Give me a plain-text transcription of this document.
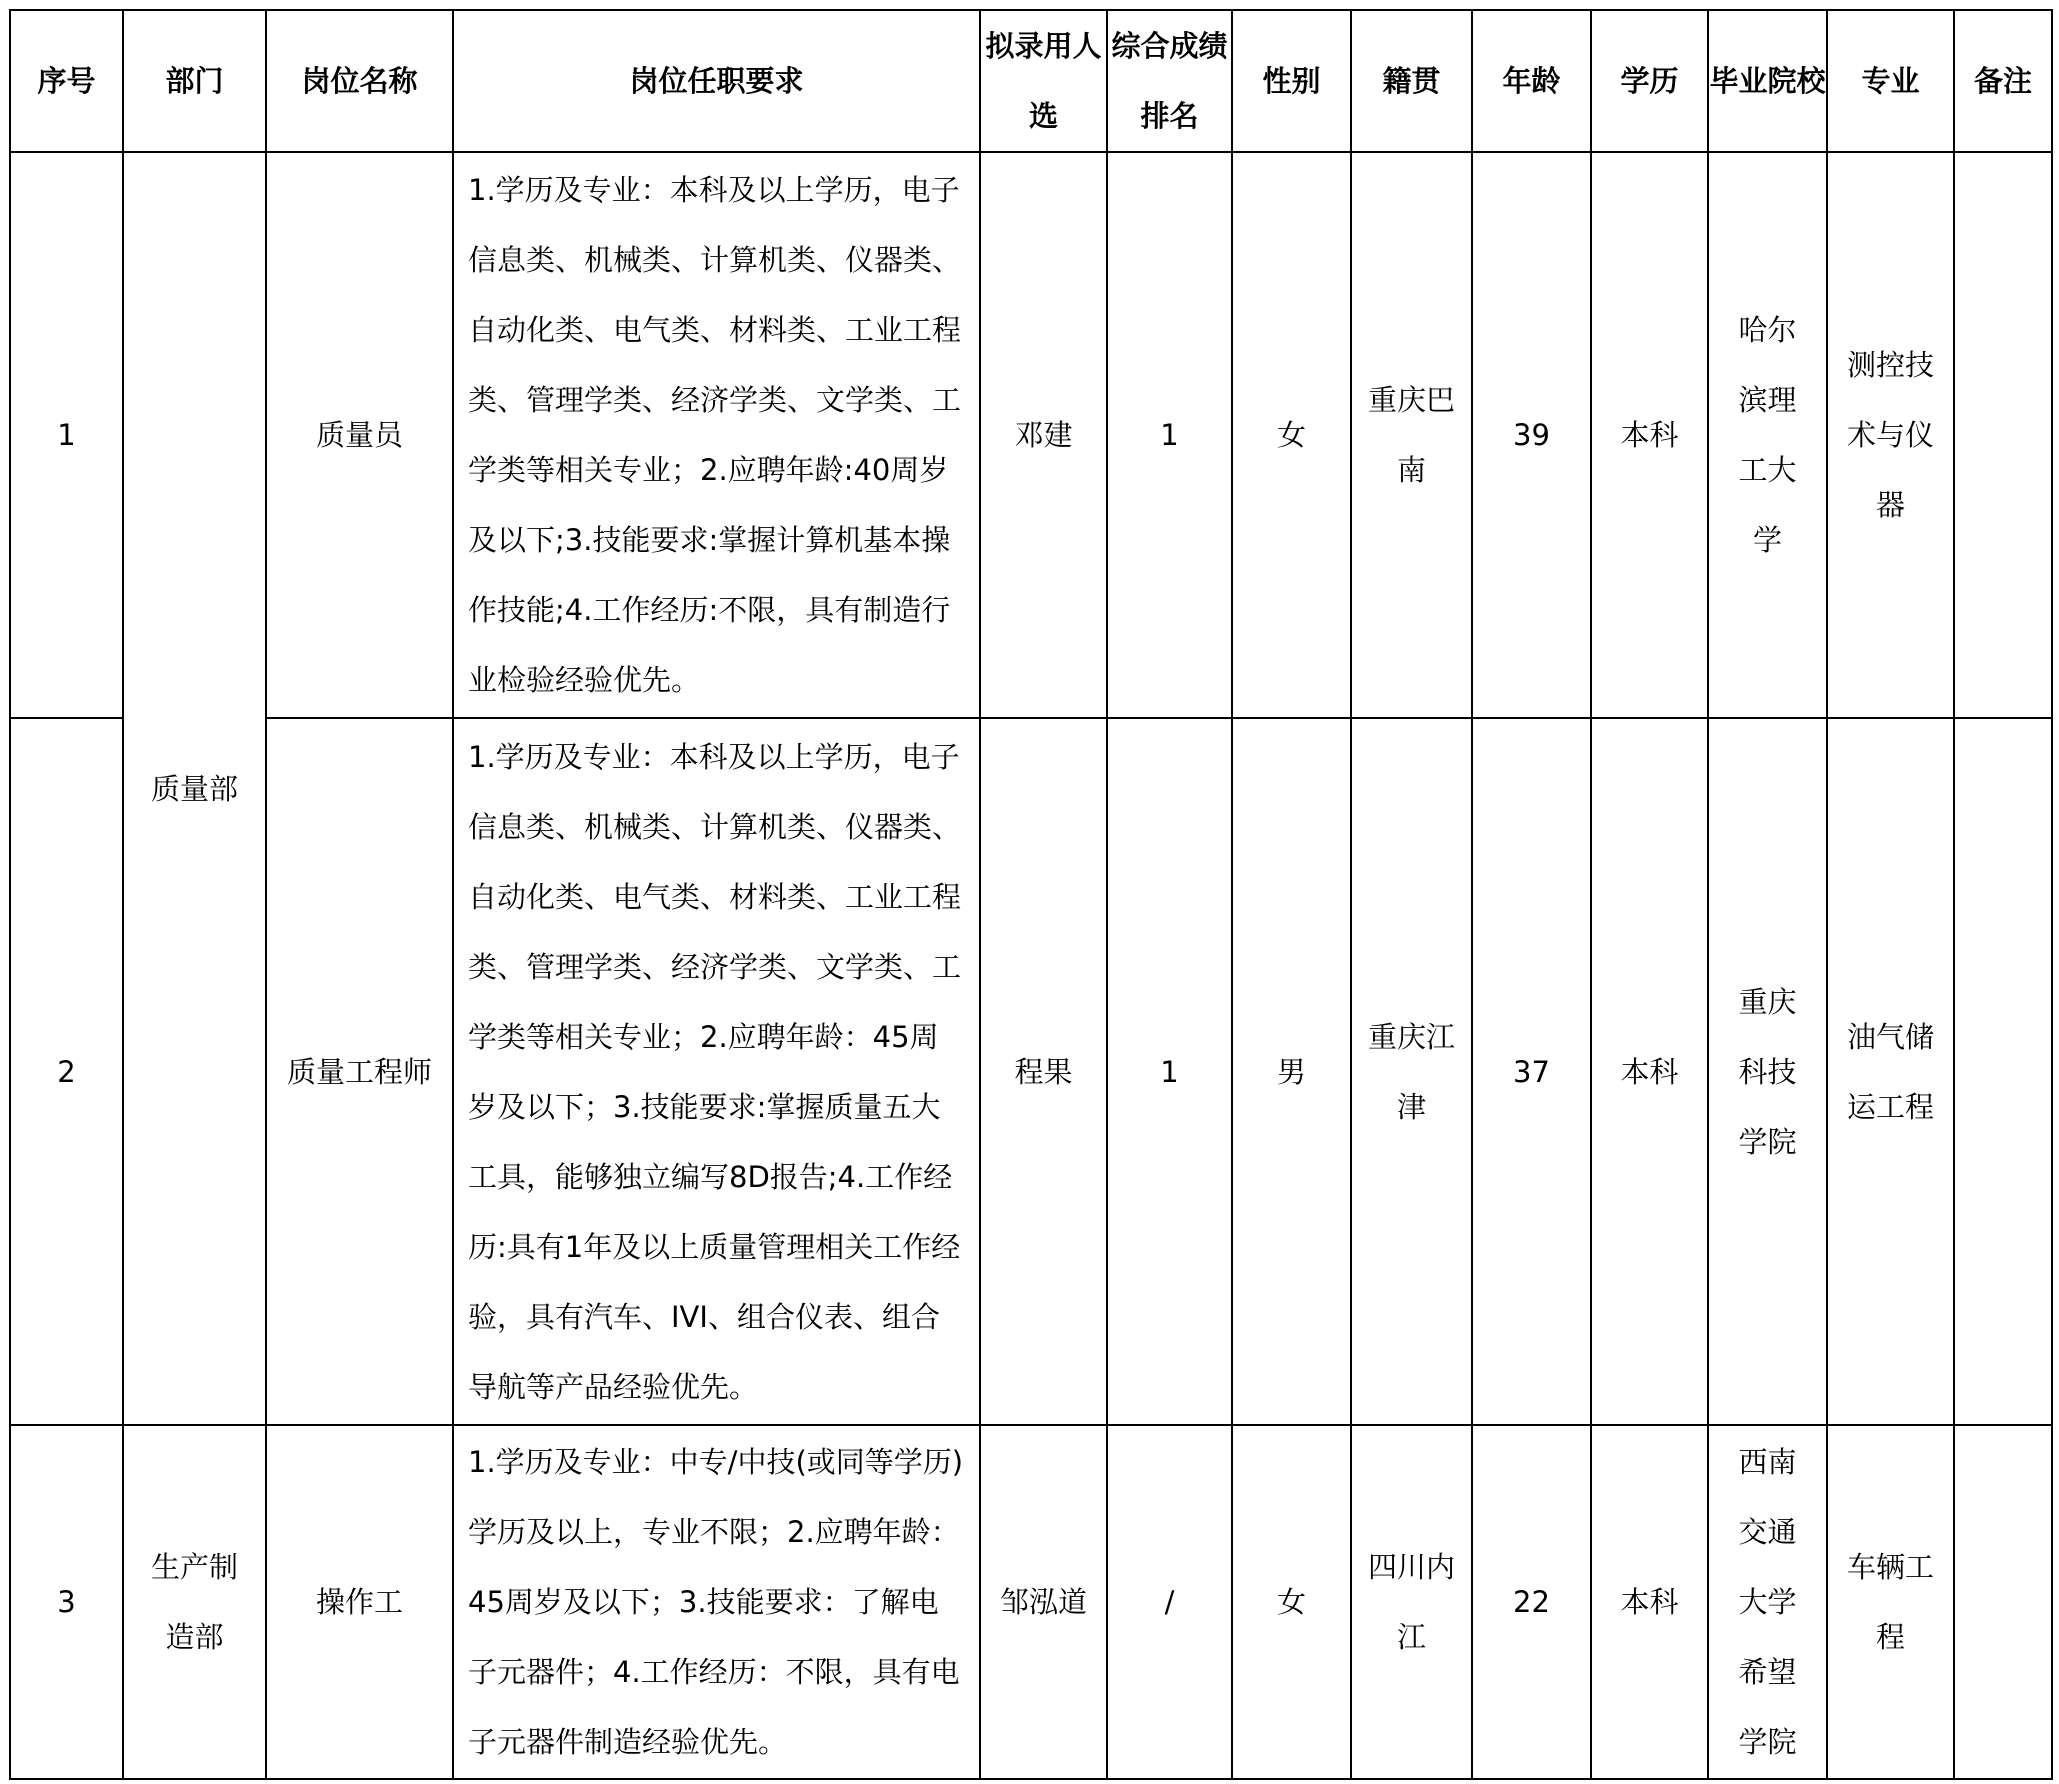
序号	部门	岗位名称	岗位任职要求	拟录用人选	综合成绩排名	性别	籍贯	年龄	学历	毕业院校	专业	备注
1	质量部	质量员	1.学历及专业：本科及以上学历，电子信息类、机械类、计算机类、仪器类、自动化类、电气类、材料类、工业工程类、管理学类、经济学类、文学类、工学类等相关专业；2.应聘年龄:40周岁及以下;3.技能要求:掌握计算机基本操作技能;4.工作经历:不限，具有制造行业检验经验优先。	邓建	1	女	重庆巴南	39	本科	哈尔滨理工大学	测控技术与仪器	
2		质量工程师	1.学历及专业：本科及以上学历，电子信息类、机械类、计算机类、仪器类、自动化类、电气类、材料类、工业工程类、管理学类、经济学类、文学类、工学类等相关专业；2.应聘年龄：45周岁及以下；3.技能要求:掌握质量五大工具，能够独立编写8D报告;4.工作经历:具有1年及以上质量管理相关工作经验，具有汽车、IVI、组合仪表、组合导航等产品经验优先。	程果	1	男	重庆江津	37	本科	重庆科技学院	油气储运工程	
3	生产制造部	操作工	1.学历及专业：中专/中技(或同等学历)学历及以上，专业不限；2.应聘年龄：45周岁及以下；3.技能要求：了解电子元器件；4.工作经历：不限，具有电子元器件制造经验优先。	邹泓道	/	女	四川内江	22	本科	西南交通大学希望学院	车辆工程	
